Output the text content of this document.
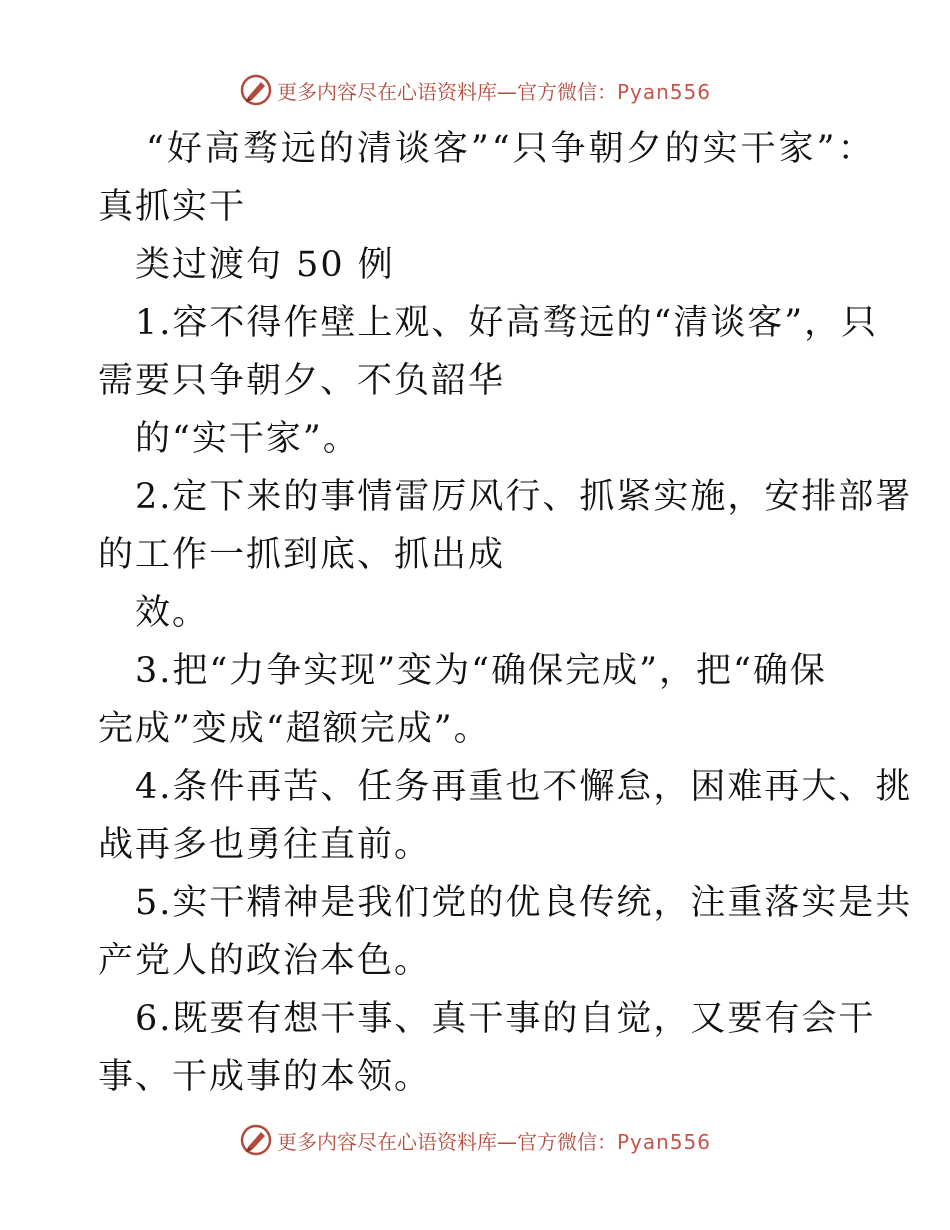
更多内容尽在心语资料库—官方微信：Pyan556
“好高骛远的清谈客”“只争朝夕的实干家”：
真抓实干
类过渡句 50 例
1.容不得作壁上观、好高骛远的“清谈客”，只
需要只争朝夕、不负韶华
的“实干家”。
2.定下来的事情雷厉风行、抓紧实施，安排部署
的工作一抓到底、抓出成
效。
3.把“力争实现”变为“确保完成”，把“确保
完成”变成“超额完成”。
4.条件再苦、任务再重也不懈怠，困难再大、挑
战再多也勇往直前。
5.实干精神是我们党的优良传统，注重落实是共
产党人的政治本色。
6.既要有想干事、真干事的自觉，又要有会干
事、干成事的本领。
更多内容尽在心语资料库—官方微信：Pyan556
